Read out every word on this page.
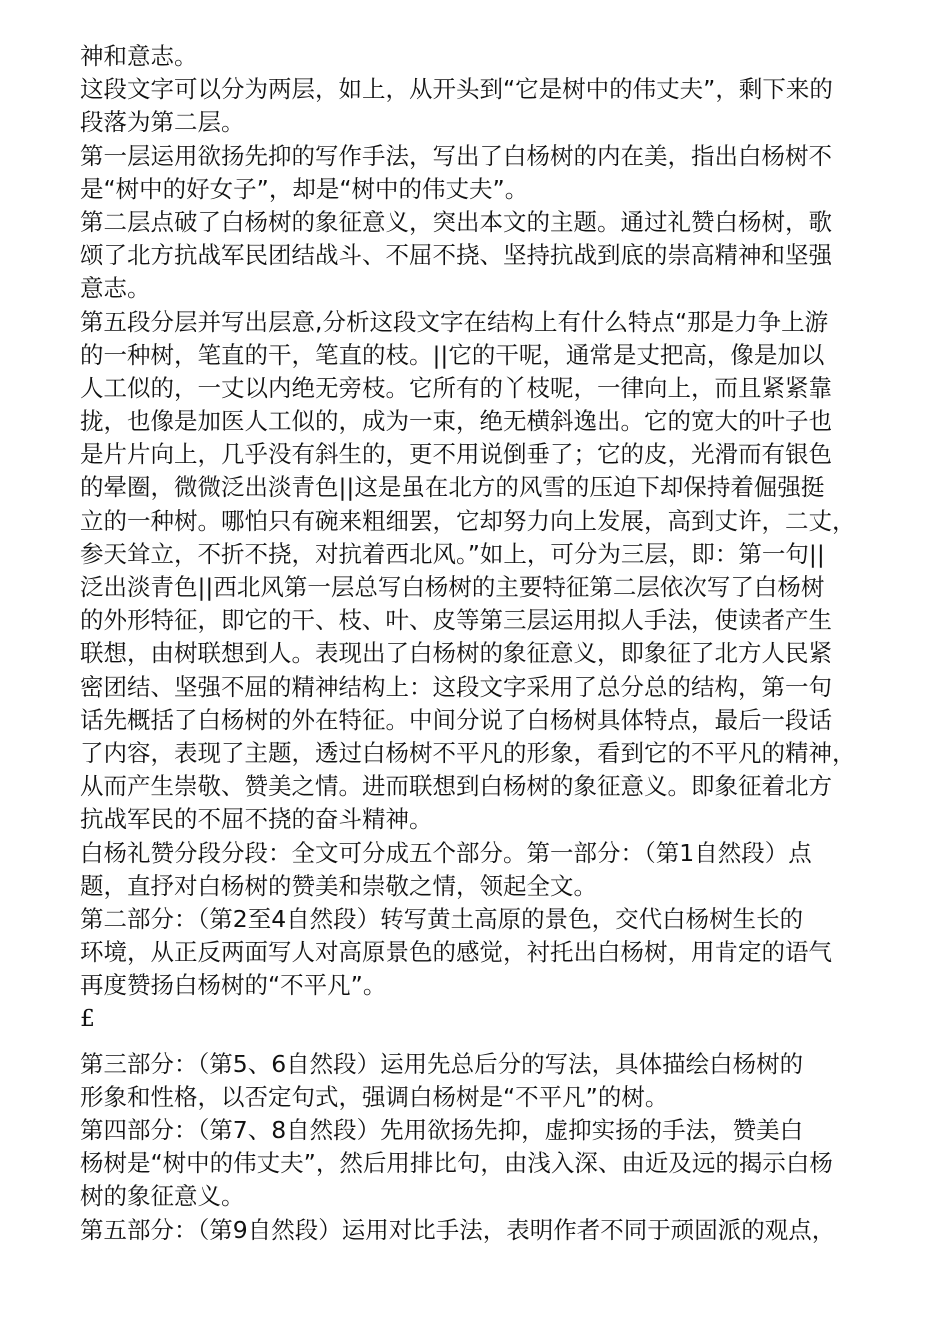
神和意志。
这段文字可以分为两层，如上，从开头到“它是树中的伟丈夫”，剩下来的
段落为第二层。
第一层运用欲扬先抑的写作手法，写出了白杨树的内在美，指出白杨树不
是“树中的好女子”，却是“树中的伟丈夫”。
第二层点破了白杨树的象征意义，突出本文的主题。通过礼赞白杨树，歌
颂了北方抗战军民团结战斗、不屈不挠、坚持抗战到底的崇高精神和坚强
意志。
第五段分层并写出层意,分析这段文字在结构上有什么特点“那是力争上游
的一种树，笔直的干，笔直的枝。||它的干呢，通常是丈把高，像是加以
人工似的，一丈以内绝无旁枝。它所有的丫枝呢，一律向上，而且紧紧靠
拢，也像是加医人工似的，成为一束，绝无横斜逸出。它的宽大的叶子也
是片片向上，几乎没有斜生的，更不用说倒垂了；它的皮，光滑而有银色
的晕圈，微微泛出淡青色||这是虽在北方的风雪的压迫下却保持着倔强挺
立的一种树。哪怕只有碗来粗细罢，它却努力向上发展，高到丈许，二丈，
参天耸立，不折不挠，对抗着西北风。”如上，可分为三层，即：第一句||
泛出淡青色||西北风第一层总写白杨树的主要特征第二层依次写了白杨树
的外形特征，即它的干、枝、叶、皮等第三层运用拟人手法，使读者产生
联想，由树联想到人。表现出了白杨树的象征意义，即象征了北方人民紧
密团结、坚强不屈的精神结构上：这段文字采用了总分总的结构，第一句
话先概括了白杨树的外在特征。中间分说了白杨树具体特点，最后一段话
了内容，表现了主题，透过白杨树不平凡的形象，看到它的不平凡的精神，
从而产生崇敬、赞美之情。进而联想到白杨树的象征意义。即象征着北方
抗战军民的不屈不挠的奋斗精神。
白杨礼赞分段分段：全文可分成五个部分。第一部分：（第1自然段）点
题，直抒对白杨树的赞美和崇敬之情，领起全文。
第二部分：（第2至4自然段）转写黄土高原的景色，交代白杨树生长的
环境，从正反两面写人对高原景色的感觉，衬托出白杨树，用肯定的语气
再度赞扬白杨树的“不平凡”。
£
第三部分：（第5、6自然段）运用先总后分的写法，具体描绘白杨树的
形象和性格，以否定句式，强调白杨树是“不平凡”的树。
第四部分：（第7、8自然段）先用欲扬先抑，虚抑实扬的手法，赞美白
杨树是“树中的伟丈夫”，然后用排比句，由浅入深、由近及远的揭示白杨
树的象征意义。
第五部分：（第9自然段）运用对比手法，表明作者不同于顽固派的观点，
